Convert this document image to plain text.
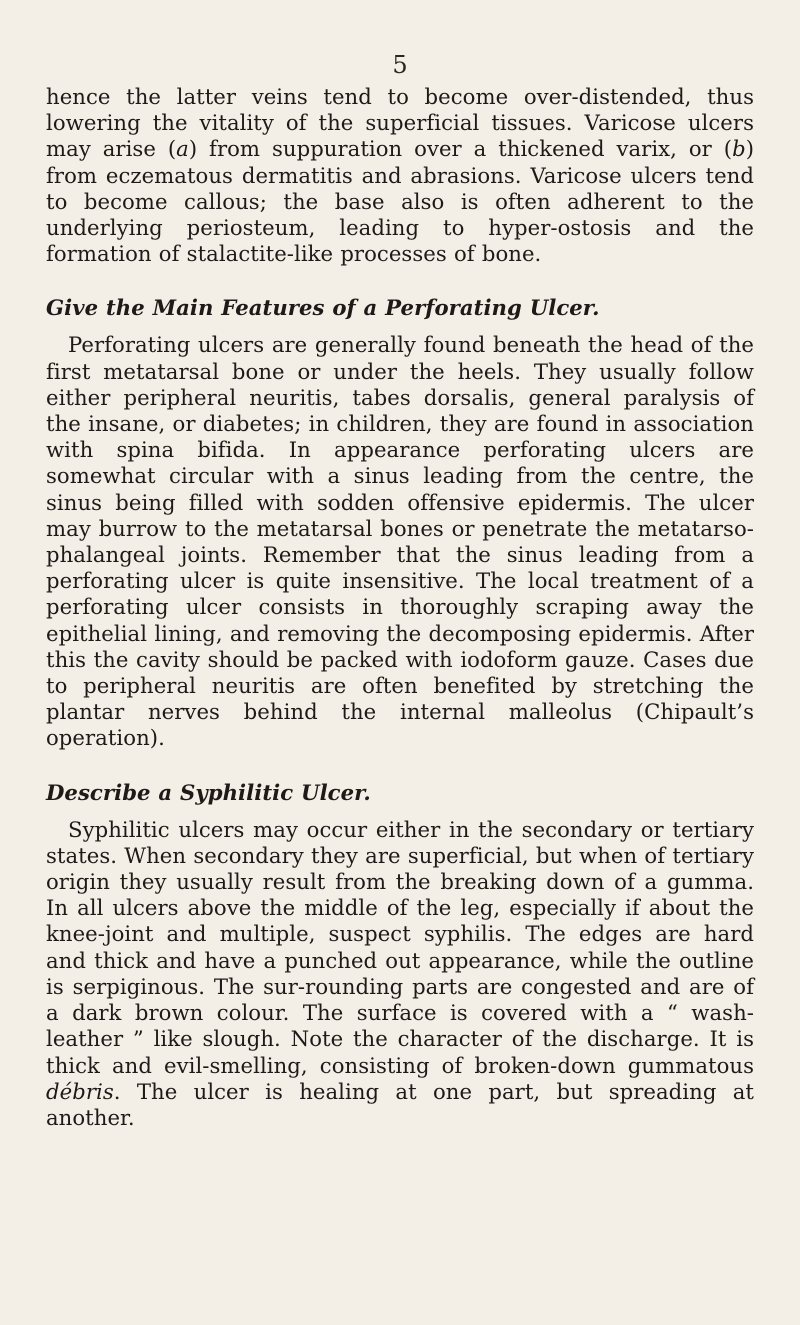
5

hence the latter veins tend to become over-distended, thus lowering the vitality of the superficial tissues. Varicose ulcers may arise (a) from suppuration over a thickened varix, or (b) from eczematous dermatitis and abrasions. Varicose ulcers tend to become callous; the base also is often adherent to the underlying periosteum, leading to hyper-ostosis and the formation of stalactite-like processes of bone.

Give the Main Features of a Perforating Ulcer.

Perforating ulcers are generally found beneath the head of the first metatarsal bone or under the heels. They usually follow either peripheral neuritis, tabes dorsalis, general paralysis of the insane, or diabetes; in children, they are found in association with spina bifida. In appearance perforating ulcers are somewhat circular with a sinus leading from the centre, the sinus being filled with sodden offensive epidermis. The ulcer may burrow to the metatarsal bones or penetrate the metatarso-phalangeal joints. Remember that the sinus leading from a perforating ulcer is quite insensitive. The local treatment of a perforating ulcer consists in thoroughly scraping away the epithelial lining, and removing the decomposing epidermis. After this the cavity should be packed with iodoform gauze. Cases due to peripheral neuritis are often benefited by stretching the plantar nerves behind the internal malleolus (Chipault’s operation).

Describe a Syphilitic Ulcer.

Syphilitic ulcers may occur either in the secondary or tertiary states. When secondary they are superficial, but when of tertiary origin they usually result from the breaking down of a gumma. In all ulcers above the middle of the leg, especially if about the knee-joint and multiple, suspect syphilis. The edges are hard and thick and have a punched out appearance, while the outline is serpiginous. The sur-rounding parts are congested and are of a dark brown colour. The surface is covered with a “ wash-leather ” like slough. Note the character of the discharge. It is thick and evil-smelling, consisting of broken-down gummatous débris. The ulcer is healing at one part, but spreading at another.
